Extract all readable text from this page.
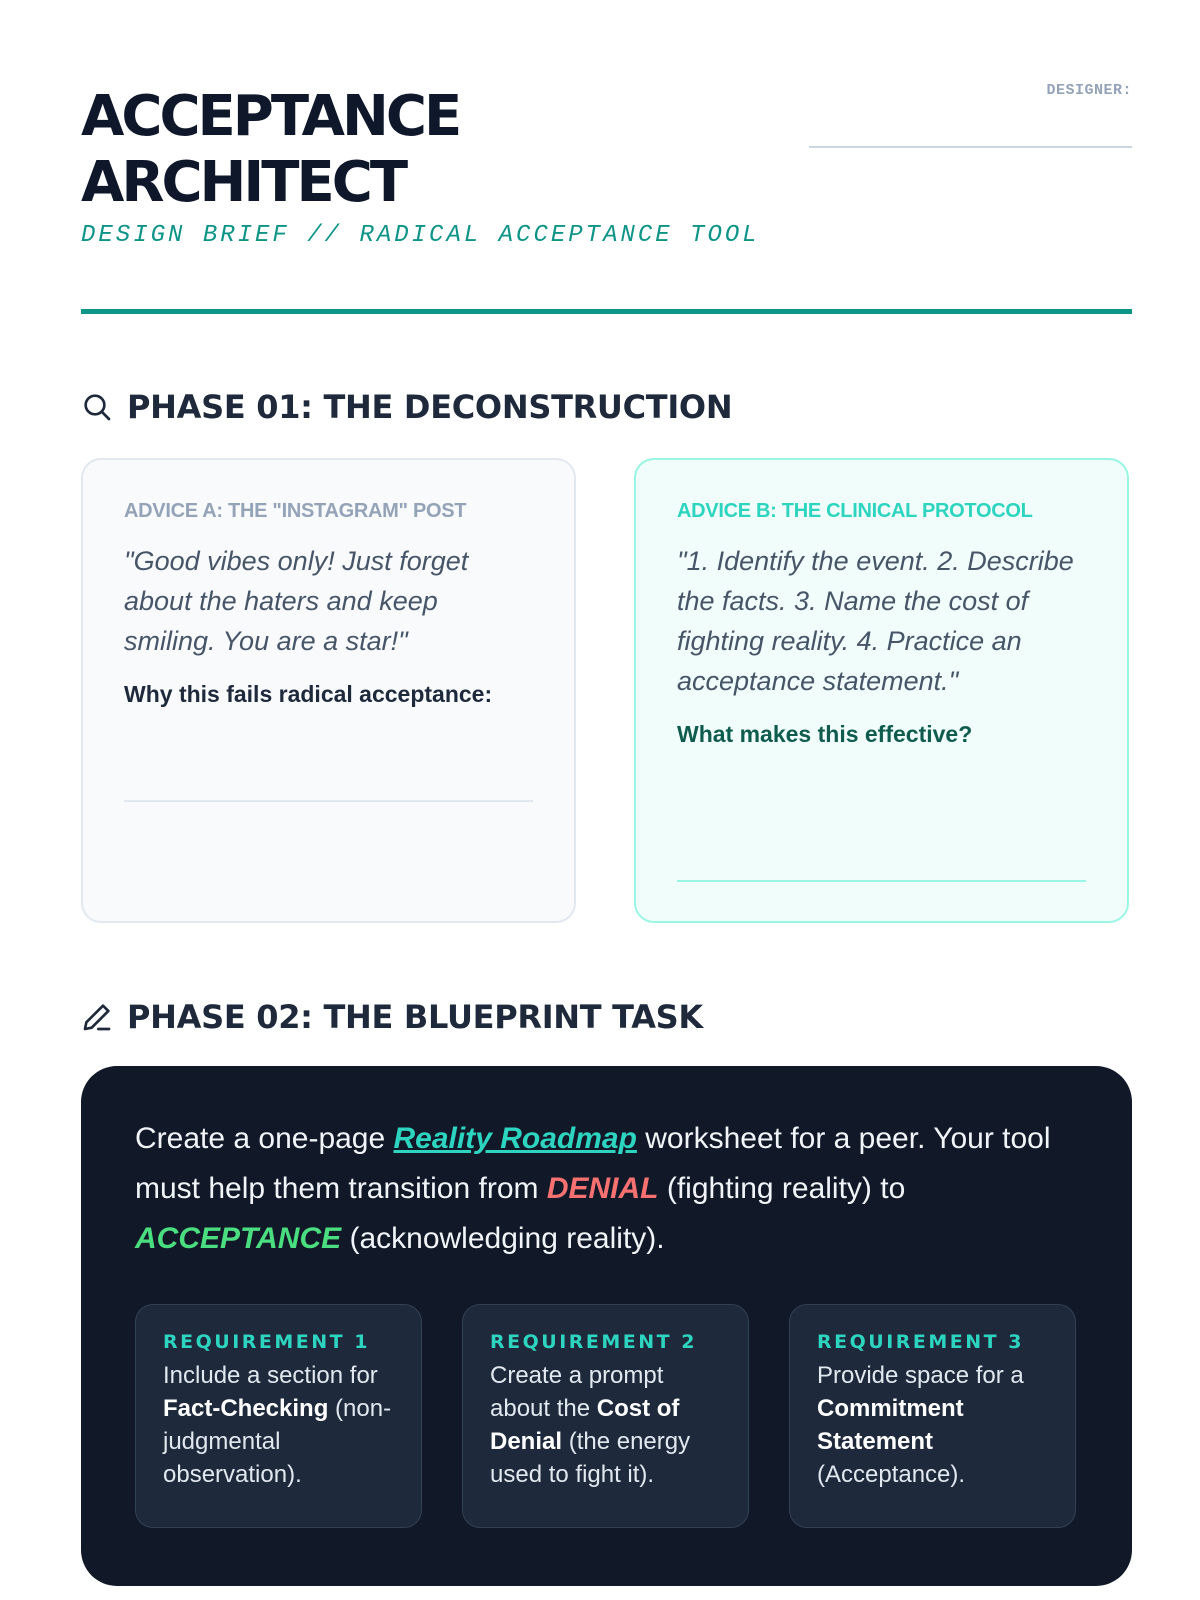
ACCEPTANCE
ARCHITECT
DESIGN BRIEF // RADICAL ACCEPTANCE TOOL
DESIGNER:
PHASE 01: THE DECONSTRUCTION
ADVICE A: THE "INSTAGRAM" POST

"Good vibes only! Just forget about the haters and keep smiling. You are a star!"

Why this fails radical acceptance:
ADVICE B: THE CLINICAL PROTOCOL

"1. Identify the event. 2. Describe the facts. 3. Name the cost of fighting reality. 4. Practice an acceptance statement."

What makes this effective?
PHASE 02: THE BLUEPRINT TASK

Create a one-page Reality Roadmap worksheet for a peer. Your tool must help them transition from DENIAL (fighting reality) to ACCEPTANCE (acknowledging reality).

REQUIREMENT 1
Include a section for Fact-Checking (non-judgmental observation).
REQUIREMENT 2
Create a prompt about the Cost of Denial (the energy used to fight it).
REQUIREMENT 3
Provide space for a Commitment Statement (Acceptance).
